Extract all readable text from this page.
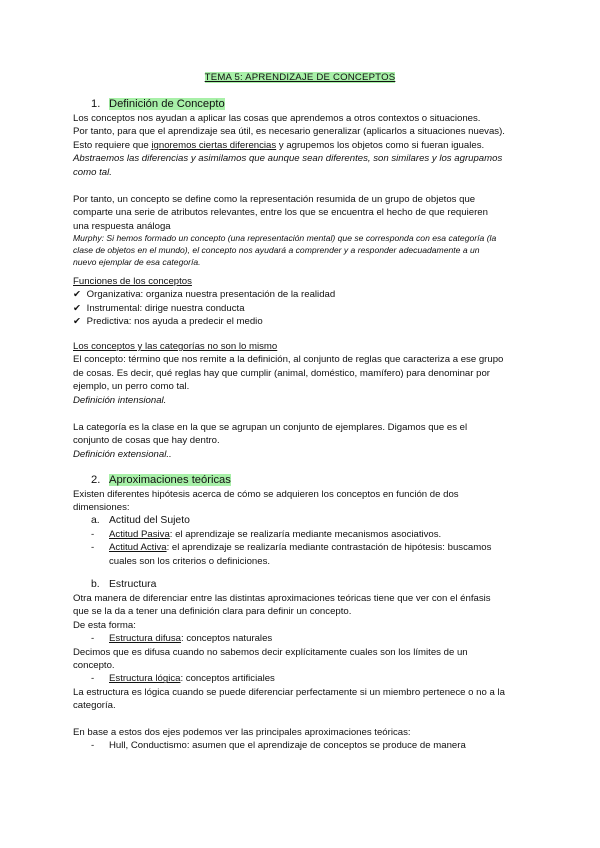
TEMA 5: APRENDIZAJE DE CONCEPTOS
1. Definición de Concepto

Los conceptos nos ayudan a aplicar las cosas que aprendemos a otros contextos o situaciones.

Por tanto, para que el aprendizaje sea útil, es necesario generalizar (aplicarlos a situaciones nuevas).

Esto requiere que ignoremos ciertas diferencias y agrupemos los objetos como si fueran iguales.

Abstraemos las diferencias y asimilamos que aunque sean diferentes, son similares y los agrupamos

como tal.

Por tanto, un concepto se define como la representación resumida de un grupo de objetos que

comparte una serie de atributos relevantes, entre los que se encuentra el hecho de que requieren

una respuesta análoga

Murphy: Si hemos formado un concepto (una representación mental) que se corresponda con esa categoría (la

clase de objetos en el mundo), el concepto nos ayudará a comprender y a responder adecuadamente a un

nuevo ejemplar de esa categoría.

Funciones de los conceptos

✔ Organizativa: organiza nuestra presentación de la realidad

✔ Instrumental: dirige nuestra conducta

✔ Predictiva: nos ayuda a predecir el medio

Los conceptos y las categorías no son lo mismo

El concepto: término que nos remite a la definición, al conjunto de reglas que caracteriza a ese grupo

de cosas. Es decir, qué reglas hay que cumplir (animal, doméstico, mamífero) para denominar por

ejemplo, un perro como tal.

Definición intensional.

La categoría es la clase en la que se agrupan un conjunto de ejemplares. Digamos que es el

conjunto de cosas que hay dentro.

Definición extensional..

2. Aproximaciones teóricas

Existen diferentes hipótesis acerca de cómo se adquieren los conceptos en función de dos

dimensiones:

a. Actitud del Sujeto

- Actitud Pasiva: el aprendizaje se realizaría mediante mecanismos asociativos.

- Actitud Activa: el aprendizaje se realizaría mediante contrastación de hipótesis: buscamos

cuales son los criterios o definiciones.

b. Estructura

Otra manera de diferenciar entre las distintas aproximaciones teóricas tiene que ver con el énfasis

que se la da a tener una definición clara para definir un concepto.

De esta forma:

- Estructura difusa: conceptos naturales

Decimos que es difusa cuando no sabemos decir explícitamente cuales son los límites de un

concepto.

- Estructura lógica: conceptos artificiales

La estructura es lógica cuando se puede diferenciar perfectamente si un miembro pertenece o no a la

categoría.

En base a estos dos ejes podemos ver las principales aproximaciones teóricas:

- Hull, Conductismo: asumen que el aprendizaje de conceptos se produce de manera
